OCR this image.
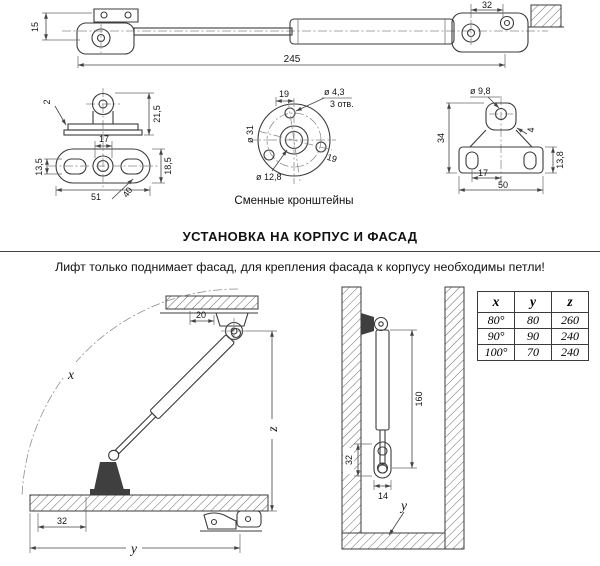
15
32
245
2
21,5
17
13,5	18,5
51 40
19	ø 4,3
3 отв.
ø 31
ø 12,8
19
ø 9,8
34
4
17
50
13,8
20
x
z
32
y
160
32
14
y
Сменные кронштейны
УСТАНОВКА НА КОРПУС И ФАСАД
Лифт только поднимает фасад, для крепления фасада к корпусу необходимы петли!
x	y	z
80°	80	260
90°	90	240
100°	70	240
